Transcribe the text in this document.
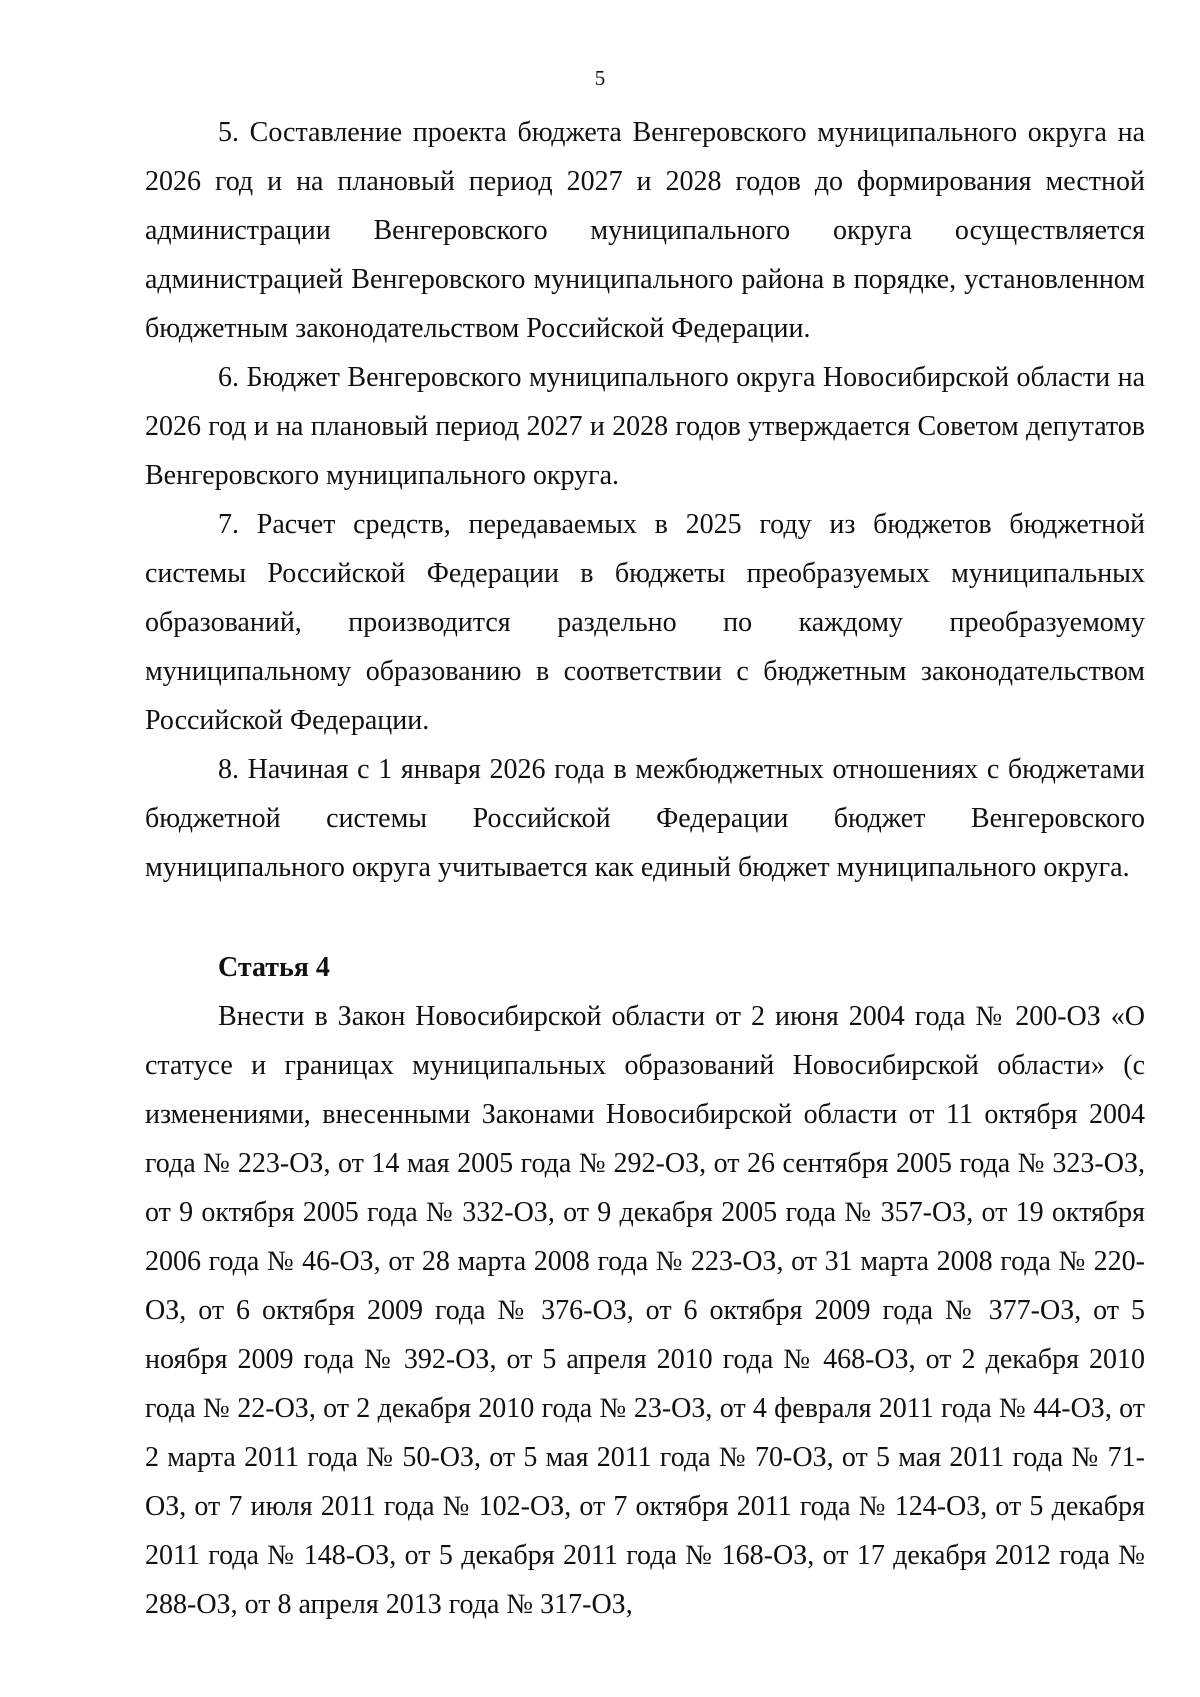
5

5. Составление проекта бюджета Венгеровского муниципального округа на 2026 год и на плановый период 2027 и 2028 годов до формирования местной администрации Венгеровского муниципального округа осуществляется администрацией Венгеровского муниципального района в порядке, установленном бюджетным законодательством Российской Федерации.

6. Бюджет Венгеровского муниципального округа Новосибирской области на 2026 год и на плановый период 2027 и 2028 годов утверждается Советом депутатов Венгеровского муниципального округа.

7. Расчет средств, передаваемых в 2025 году из бюджетов бюджетной системы Российской Федерации в бюджеты преобразуемых муниципальных образований, производится раздельно по каждому преобразуемому муниципальному образованию в соответствии с бюджетным законодательством Российской Федерации.

8. Начиная с 1 января 2026 года в межбюджетных отношениях с бюджетами бюджетной системы Российской Федерации бюджет Венгеровского муниципального округа учитывается как единый бюджет муниципального округа.

Статья 4

Внести в Закон Новосибирской области от 2 июня 2004 года № 200-ОЗ «О статусе и границах муниципальных образований Новосибирской области» (с изменениями, внесенными Законами Новосибирской области от 11 октября 2004 года № 223-ОЗ, от 14 мая 2005 года № 292-ОЗ, от 26 сентября 2005 года № 323-ОЗ, от 9 октября 2005 года № 332-ОЗ, от 9 декабря 2005 года № 357-ОЗ, от 19 октября 2006 года № 46-ОЗ, от 28 марта 2008 года № 223-ОЗ, от 31 марта 2008 года № 220-ОЗ, от 6 октября 2009 года № 376-ОЗ, от 6 октября 2009 года № 377-ОЗ, от 5 ноября 2009 года № 392-ОЗ, от 5 апреля 2010 года № 468-ОЗ, от 2 декабря 2010 года № 22-ОЗ, от 2 декабря 2010 года № 23-ОЗ, от 4 февраля 2011 года № 44-ОЗ, от 2 марта 2011 года № 50-ОЗ, от 5 мая 2011 года № 70-ОЗ, от 5 мая 2011 года № 71-ОЗ, от 7 июля 2011 года № 102-ОЗ, от 7 октября 2011 года № 124-ОЗ, от 5 декабря 2011 года № 148-ОЗ, от 5 декабря 2011 года № 168-ОЗ, от 17 декабря 2012 года № 288-ОЗ, от 8 апреля 2013 года № 317-ОЗ,
